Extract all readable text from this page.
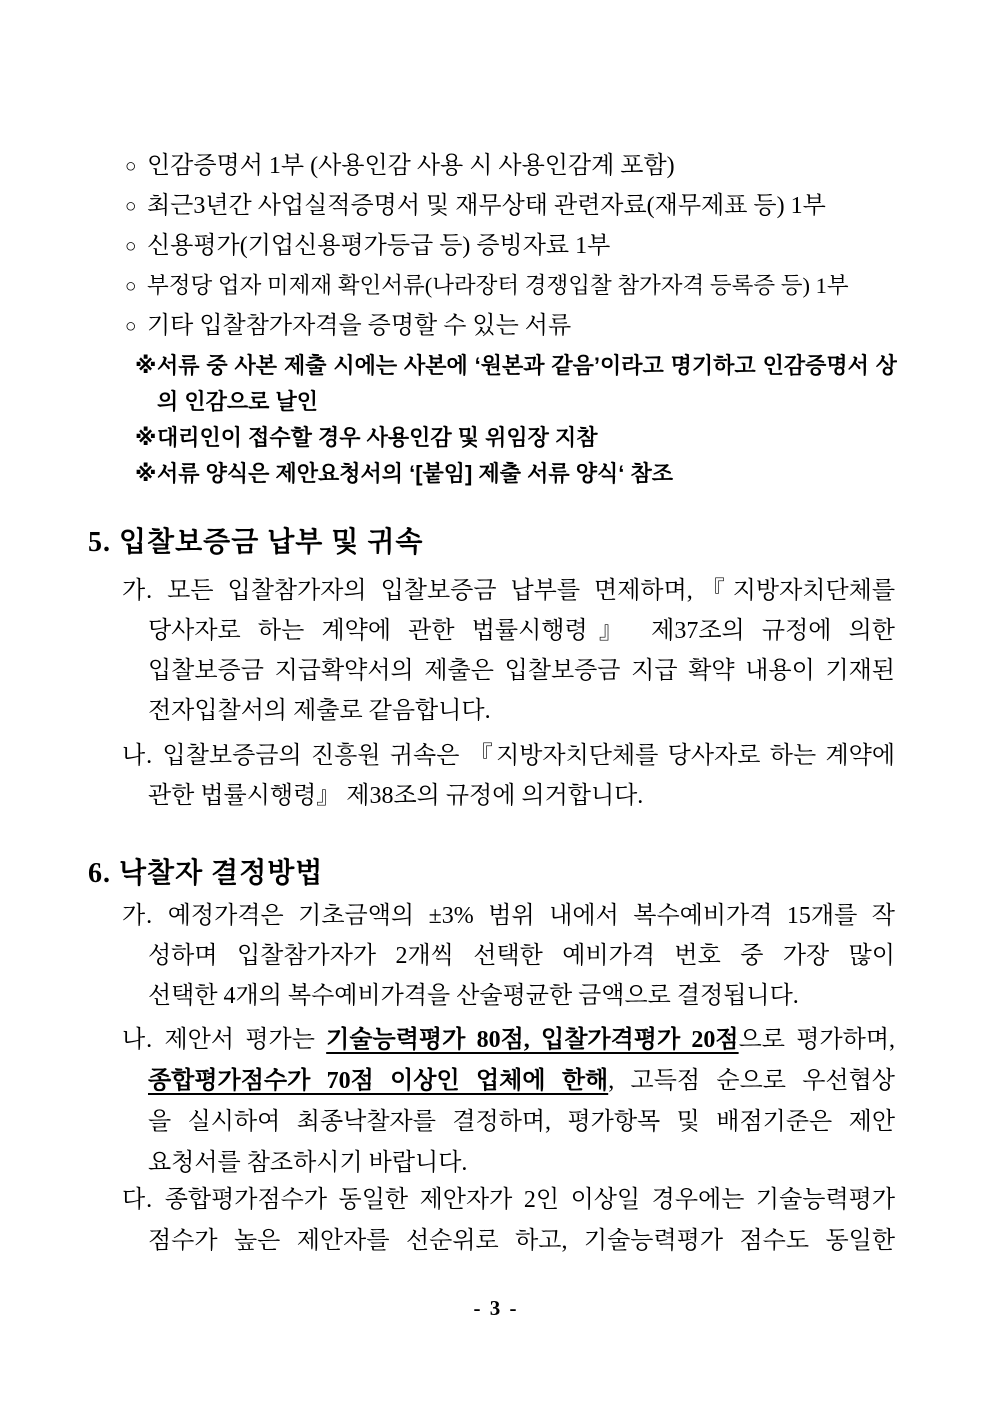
○ 인감증명서 1부 (사용인감 사용 시 사용인감계 포함)
○ 최근3년간 사업실적증명서 및 재무상태 관련자료(재무제표 등) 1부
○ 신용평가(기업신용평가등급 등) 증빙자료 1부
○ 부정당 업자 미제재 확인서류(나라장터 경쟁입찰 참가자격 등록증 등) 1부
○ 기타 입찰참가자격을 증명할 수 있는 서류
※서류 중 사본 제출 시에는 사본에 ‘원본과 같음’이라고 명기하고 인감증명서 상
의 인감으로 날인
※대리인이 접수할 경우 사용인감 및 위임장 지참
※서류 양식은 제안요청서의 ‘[붙임] 제출 서류 양식‘ 참조
5. 입찰보증금 납부 및 귀속
가. 모든 입찰참가자의 입찰보증금 납부를 면제하며,『지방자치단체를
당사자로 하는 계약에 관한 법률시행령』 제37조의 규정에 의한
입찰보증금 지급확약서의 제출은 입찰보증금 지급 확약 내용이 기재된
전자입찰서의 제출로 같음합니다.
나. 입찰보증금의 진흥원 귀속은 『지방자치단체를 당사자로 하는 계약에
관한 법률시행령』 제38조의 규정에 의거합니다.
6. 낙찰자 결정방법
가. 예정가격은 기초금액의 ±3% 범위 내에서 복수예비가격 15개를 작
성하며 입찰참가자가 2개씩 선택한 예비가격 번호 중 가장 많이
선택한 4개의 복수예비가격을 산술평균한 금액으로 결정됩니다.
나. 제안서 평가는 기술능력평가 80점, 입찰가격평가 20점으로 평가하며,
종합평가점수가 70점 이상인 업체에 한해, 고득점 순으로 우선협상
을 실시하여 최종낙찰자를 결정하며, 평가항목 및 배점기준은 제안
요청서를 참조하시기 바랍니다.
다. 종합평가점수가 동일한 제안자가 2인 이상일 경우에는 기술능력평가
점수가 높은 제안자를 선순위로 하고, 기술능력평가 점수도 동일한
- 3 -
